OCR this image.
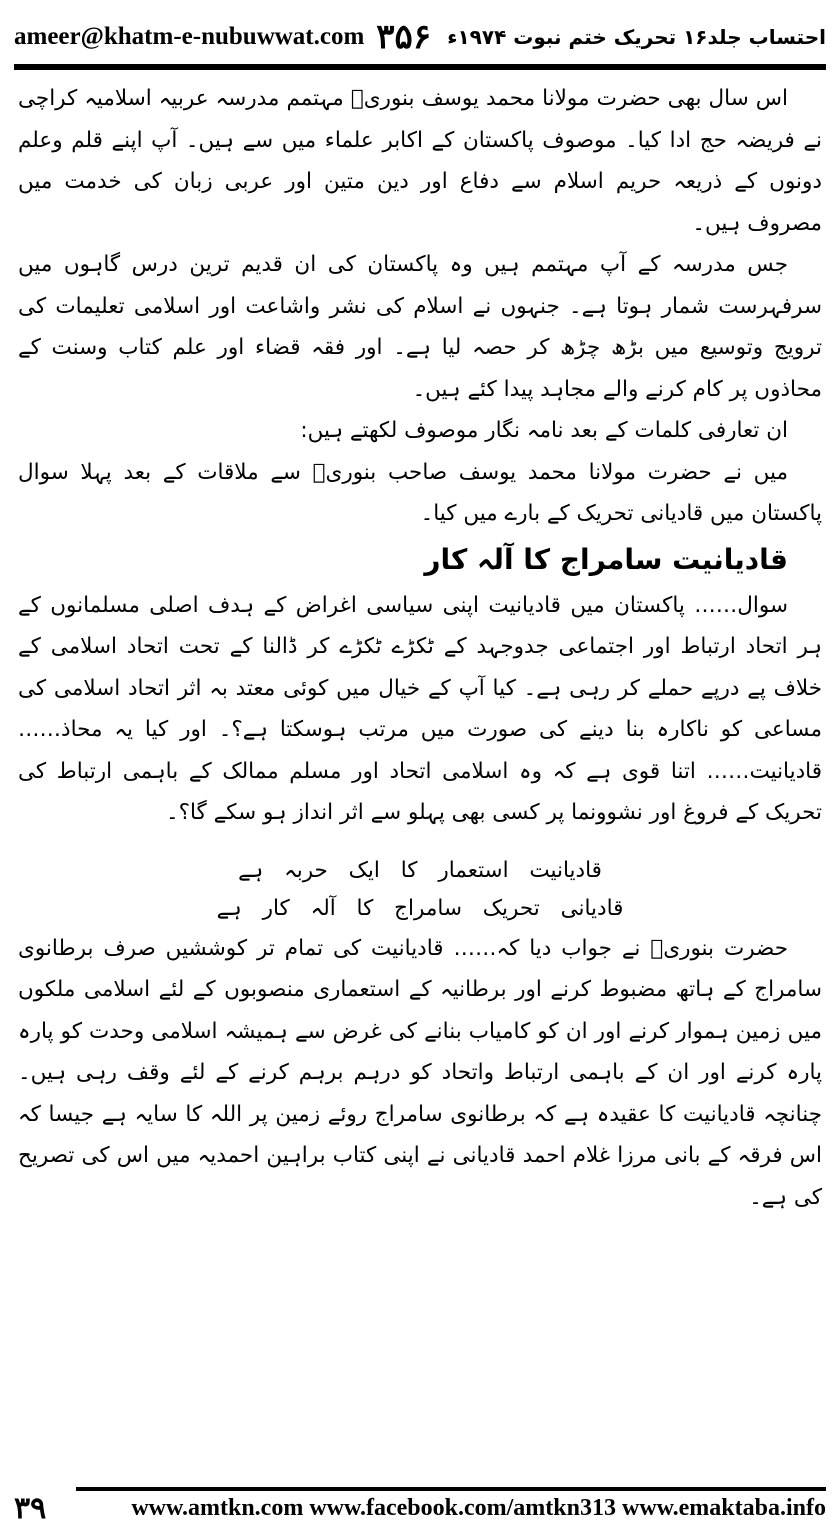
ameer@khatm-e-nubuwwat.com ۳۵۶ احتساب جلد۱۶ تحریک ختم نبوت ۱۹۷۴ء

اس سال بھی حضرت مولانا محمد یوسف بنوریؒ مہتمم مدرسہ عربیہ اسلامیہ کراچی نے فریضہ حج ادا کیا۔ موصوف پاکستان کے اکابر علماء میں سے ہیں۔ آپ اپنے قلم وعلم دونوں کے ذریعہ حریم اسلام سے دفاع اور دین متین اور عربی زبان کی خدمت میں مصروف ہیں۔

جس مدرسہ کے آپ مہتمم ہیں وہ پاکستان کی ان قدیم ترین درس گاہوں میں سرفہرست شمار ہوتا ہے۔ جنہوں نے اسلام کی نشر واشاعت اور اسلامی تعلیمات کی ترویج وتوسیع میں بڑھ چڑھ کر حصہ لیا ہے۔ اور فقہ قضاء اور علم کتاب وسنت کے محاذوں پر کام کرنے والے مجاہد پیدا کئے ہیں۔

ان تعارفی کلمات کے بعد نامہ نگار موصوف لکھتے ہیں:

میں نے حضرت مولانا محمد یوسف صاحب بنوریؒ سے ملاقات کے بعد پہلا سوال پاکستان میں قادیانی تحریک کے بارے میں کیا۔

قادیانیت سامراج کا آلہ کار

سوال…… پاکستان میں قادیانیت اپنی سیاسی اغراض کے ہدف اصلی مسلمانوں کے ہر اتحاد ارتباط اور اجتماعی جدوجہد کے ٹکڑے ٹکڑے کر ڈالنا کے تحت اتحاد اسلامی کے خلاف پے درپے حملے کر رہی ہے۔ کیا آپ کے خیال میں کوئی معتد بہ اثر اتحاد اسلامی کی مساعی کو ناکارہ بنا دینے کی صورت میں مرتب ہوسکتا ہے؟۔ اور کیا یہ محاذ…… قادیانیت…… اتنا قوی ہے کہ وہ اسلامی اتحاد اور مسلم ممالک کے باہمی ارتباط کی تحریک کے فروغ اور نشوونما پر کسی بھی پہلو سے اثر انداز ہو سکے گا؟۔

قادیانیت استعمار کا ایک حربہ ہے

قادیانی تحریک سامراج کا آلہ کار ہے

حضرت بنوریؒ نے جواب دیا کہ…… قادیانیت کی تمام تر کوششیں صرف برطانوی سامراج کے ہاتھ مضبوط کرنے اور برطانیہ کے استعماری منصوبوں کے لئے اسلامی ملکوں میں زمین ہموار کرنے اور ان کو کامیاب بنانے کی غرض سے ہمیشہ اسلامی وحدت کو پارہ پارہ کرنے اور ان کے باہمی ارتباط واتحاد کو درہم برہم کرنے کے لئے وقف رہی ہیں۔ چنانچہ قادیانیت کا عقیدہ ہے کہ برطانوی سامراج روئے زمین پر اللہ کا سایہ ہے جیسا کہ اس فرقہ کے بانی مرزا غلام احمد قادیانی نے اپنی کتاب براہین احمدیہ میں اس کی تصریح کی ہے۔

۳۹	www.amtkn.com www.facebook.com/amtkn313 www.emaktaba.info
